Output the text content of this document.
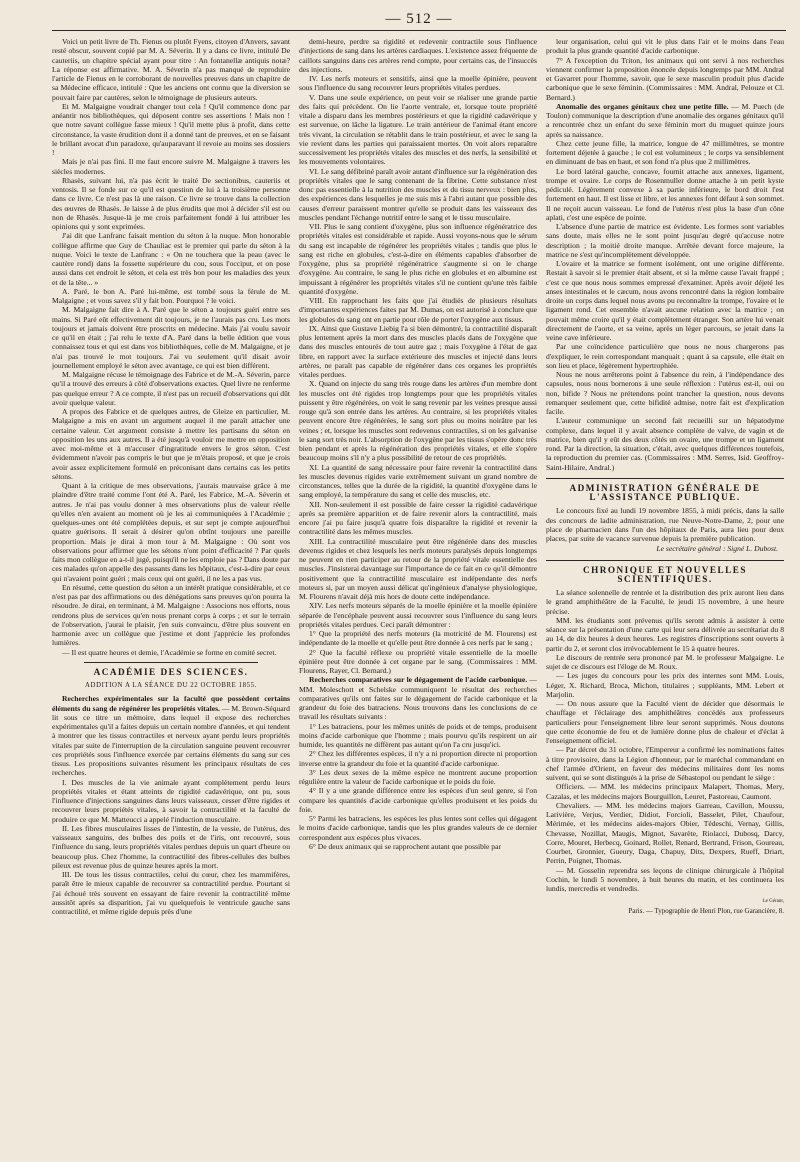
— 512 —

Voici un petit livre de Th. Fienus ou plutôt Fyens, citoyen d'Anvers, savant resté obscur, souvent copié par M. A. Séverin. Il y a dans ce livre, intitulé De cauteriis, un chapitre spécial ayant pour titre : An fontanellæ antiquis notæ? La réponse est affirmative. M. A. Séverin n'a pas manqué de reproduire l'article de Fienus en le corroborant de nouvelles preuves dans un chapitre de sa Médecine efficace, intitulé : Que les anciens ont connu que la diversion se pouvait faire par cautères, selon le témoignage de plusieurs auteurs.

Et M. Malgaigne voudrait changer tout cela ! Qu'il commence donc par anéantir nos bibliothèques, qui déposent contre ses assertions ! Mais non ! que notre savant collègue fasse mieux ! Qu'il mette plus à profit, dans cette circonstance, la vaste érudition dont il a donné tant de preuves, et en se faisant le brillant avocat d'un paradoxe, qu'auparavant il revoie au moins ses dossiers !

Mais je n'ai pas fini. Il me faut encore suivre M. Malgaigne à travers les siècles modernes.

Rhasès, suivant lui, n'a pas écrit le traité De sectionibus, cauteriis et ventosis. Il se fonde sur ce qu'il est question de lui à la troisième personne dans ce livre. Ce n'est pas là une raison. Ce livre se trouve dans la collection des œuvres de Rhasès. Je laisse à de plus érudits que moi à décider s'il est ou non de Rhasès. Jusque-là je me crois parfaitement fondé à lui attribuer les opinions qui y sont exprimées.

J'ai dit que Lanfranc faisait mention du séton à la nuque. Mon honorable collègue affirme que Guy de Chauliac est le premier qui parle du séton à la nuque. Voici le texte de Lanfranc : « On ne touchera que la peau (avec le cautère rond) dans la fossette supérieure du cou, sous l'occiput, et on pose aussi dans cet endroit le séton, et cela est très bon pour les maladies des yeux et de la tête... »

A. Paré, le bon A. Paré lui-même, est tombé sous la férule de M. Malgaigne ; et vous savez s'il y fait bon. Pourquoi ? le voici.

M. Malgaigne fait dire à A. Paré que le séton a toujours guéri entre ses mains. Si Paré eût effectivement dit toujours, je ne l'aurais pas cru. Les mots toujours et jamais doivent être proscrits en médecine. Mais j'ai voulu savoir ce qu'il en était ; j'ai relu le texte d'A. Paré dans la belle édition que vous connaissez tous et qui est dans vos bibliothèques, celle de M. Malgaigne, et je n'ai pas trouvé le mot toujours. J'ai vu seulement qu'il disait avoir journellement employé le séton avec avantage, ce qui est bien différent.

M. Malgaigne récuse le témoignage des Fabrice et de M.-A. Séverin, parce qu'il a trouvé des erreurs à côté d'observations exactes. Quel livre ne renferme pas quelque erreur ? A ce compte, il n'est pas un recueil d'observations qui dût avoir quelque valeur.

A propos des Fabrice et de quelques autres, de Gleize en particulier, M. Malgaigne a mis en avant un argument auquel il me paraît attacher une certaine valeur. Cet argument consiste à mettre les partisans du séton en opposition les uns aux autres. Il a été jusqu'à vouloir me mettre en opposition avec moi-même et à m'accuser d'ingratitude envers le gros séton. C'est évidemment n'avoir pas compris le but que je m'étais proposé, et que je crois avoir assez explicitement formulé en préconisant dans certains cas les petits sétons.

Quant à la critique de mes observations, j'aurais mauvaise grâce à me plaindre d'être traité comme l'ont été A. Paré, les Fabrice, M.-A. Séverin et autres. Je n'ai pas voulu donner à mes observations plus de valeur réelle qu'elles n'en avaient au moment où je les ai communiquées à l'Académie ; quelques-unes ont été complétées depuis, et sur sept je compte aujourd'hui quatre guérisons. Il serait à désirer qu'on obtînt toujours une pareille proportion. Mais je dirai à mon tour à M. Malgaigne : Où sont vos observations pour affirmer que les sétons n'ont point d'efficacité ? Par quels faits mon collègue en a-t-il jugé, puisqu'il ne les emploie pas ? Dans doute par ces malades qu'on appelle des passants dans les hôpitaux, c'est-à-dire par ceux qui n'avaient point guéri ; mais ceux qui ont guéri, il ne les a pas vus.

En résumé, cette question du séton a un intérêt pratique considérable, et ce n'est pas par des affirmations ou des dénégations sans preuves qu'on pourra la résoudre. Je dirai, en terminant, à M. Malgaigne : Associons nos efforts, nous rendrons plus de services qu'en nous prenant corps à corps ; et sur le terrain de l'observation, j'aurai le plaisir, j'en suis convaincu, d'être plus souvent en harmonie avec un collègue que j'estime et dont j'apprécie les profondes lumières.

— Il est quatre heures et demie, l'Académie se forme en comité secret.

ACADÉMIE DES SCIENCES.
ADDITION A LA SÉANCE DU 22 OCTOBRE 1855.

Recherches expérimentales sur la faculté que possèdent certains éléments du sang de régénérer les propriétés vitales. — M. Brown-Séquard lit sous ce titre un mémoire, dans lequel il expose des recherches expérimentales qu'il a faites depuis un certain nombre d'années, et qui tendent à montrer que les tissus contractiles et nerveux ayant perdu leurs propriétés vitales par suite de l'interruption de la circulation sanguine peuvent recouvrer ces propriétés sous l'influence exercée par certains éléments du sang sur ces tissus. Les propositions suivantes résument les principaux résultats de ces recherches.

I. Des muscles de la vie animale ayant complètement perdu leurs propriétés vitales et étant atteints de rigidité cadavérique, ont pu, sous l'influence d'injections sanguines dans leurs vaisseaux, cesser d'être rigides et recouvrer leurs propriétés vitales, à savoir la contractilité et la faculté de produire ce que M. Matteucci a appelé l'induction musculaire.

II. Les fibres musculaires lisses de l'intestin, de la vessie, de l'utérus, des vaisseaux sanguins, des bulbes des poils et de l'iris, ont recouvré, sous l'influence du sang, leurs propriétés vitales perdues depuis un quart d'heure ou beaucoup plus. Chez l'homme, la contractilité des fibres-cellules des bulbes pileux est revenue plus de quinze heures après la mort.

III. De tous les tissus contractiles, celui du cœur, chez les mammifères, paraît être le mieux capable de recouvrer sa contractilité perdue. Pourtant si j'ai échoué très souvent en essayant de faire revenir la contractilité même aussitôt après sa disparition, j'ai vu quelquefois le ventricule gauche sans contractilité, et même rigide depuis près d'une

demi-heure, perdre sa rigidité et redevenir contractile sous l'influence d'injections de sang dans les artères cardiaques. L'existence assez fréquente de caillots sanguins dans ces artères rend compte, pour certains cas, de l'insuccès des injections.

IV. Les nerfs moteurs et sensitifs, ainsi que la moelle épinière, peuvent sous l'influence du sang recouvrer leurs propriétés vitales perdues.

V. Dans une seule expérience, on peut voir se réaliser une grande partie des faits qui précèdent. On lie l'aorte ventrale, et, lorsque toute propriété vitale a disparu dans les membres postérieurs et que la rigidité cadavérique y est survenue, on lâche la ligature. Le train antérieur de l'animal étant encore très vivant, la circulation se rétablit dans le train postérieur, et avec le sang la vie revient dans les parties qui paraissaient mortes. On voit alors reparaître successivement les propriétés vitales des muscles et des nerfs, la sensibilité et les mouvements volontaires.

VI. Le sang défibriné paraît avoir autant d'influence sur la régénération des propriétés vitales que le sang contenant de la fibrine. Cette substance n'est donc pas essentielle à la nutrition des muscles et du tissu nerveux : bien plus, des expériences dans lesquelles je me suis mis à l'abri autant que possible des causes d'erreur paraissent montrer qu'elle se produit dans les vaisseaux des muscles pendant l'échange nutritif entre le sang et le tissu musculaire.

VII. Plus le sang contient d'oxygène, plus son influence régénératrice des propriétés vitales est considérable et rapide. Aussi voyons-nous que le sérum du sang est incapable de régénérer les propriétés vitales ; tandis que plus le sang est riche en globules, c'est-à-dire en éléments capables d'absorber de l'oxygène, plus sa propriété régénératrice s'augmente si on le charge d'oxygène. Au contraire, le sang le plus riche en globules et en albumine est impuissant à régénérer les propriétés vitales s'il ne contient qu'une très faible quantité d'oxygène.

VIII. En rapprochant les faits que j'ai étudiés de plusieurs résultats d'importantes expériences faites par M. Dumas, on est autorisé à conclure que les globules du sang ont en partie pour rôle de porter l'oxygène aux tissus.

IX. Ainsi que Gustave Liebig l'a si bien démontré, la contractilité disparaît plus lentement après la mort dans des muscles placés dans de l'oxygène que dans des muscles entourés de tout autre gaz ; mais l'oxygène à l'état de gaz libre, en rapport avec la surface extérieure des muscles et injecté dans leurs artères, ne paraît pas capable de régénérer dans ces organes les propriétés vitales perdues.

X. Quand on injecte du sang très rouge dans les artères d'un membre dont les muscles ont été rigides trop longtemps pour que les propriétés vitales puissent y être régénérées, on voit le sang revenir par les veines presque aussi rouge qu'à son entrée dans les artères. Au contraire, si les propriétés vitales peuvent encore être régénérées, le sang sort plus ou moins noirâtre par les veines ; et, lorsque les muscles sont redevenus contractiles, si on les galvanise le sang sort très noir. L'absorption de l'oxygène par les tissus s'opère donc très bien pendant et après la régénération des propriétés vitales, et elle s'opère beaucoup moins s'il n'y a plus possibilité de retour de ces propriétés.

XI. La quantité de sang nécessaire pour faire revenir la contractilité dans les muscles devenus rigides varie extrêmement suivant un grand nombre de circonstances, telles que la durée de la rigidité, la quantité d'oxygène dans le sang employé, la température du sang et celle des muscles, etc.

XII. Non-seulement il est possible de faire cesser la rigidité cadavérique après sa première apparition et de faire revenir alors la contractilité, mais encore j'ai pu faire jusqu'à quatre fois disparaître la rigidité et revenir la contractilité dans les mêmes muscles.

XIII. La contractilité musculaire peut être régénérée dans des muscles devenus rigides et chez lesquels les nerfs moteurs paralysés depuis longtemps ne peuvent en rien participer au retour de la propriété vitale essentielle des muscles. J'insisterai davantage sur l'importance de ce fait en ce qu'il démontre positivement que la contractilité musculaire est indépendante des nerfs moteurs si, par un moyen aussi délicat qu'ingénieux d'analyse physiologique, M. Flourens n'avait déjà mis hors de doute cette indépendance.

XIV. Les nerfs moteurs séparés de la moelle épinière et la moelle épinière séparée de l'encéphale peuvent aussi recouvrer sous l'influence du sang leurs propriétés vitales perdues. Ceci paraît démontrer :

1° Que la propriété des nerfs moteurs (la motricité de M. Flourens) est indépendante de la moelle et qu'elle peut être donnée à ces nerfs par le sang ;

2° Que la faculté réflexe ou propriété vitale essentielle de la moelle épinière peut être donnée à cet organe par le sang. (Commissaires : MM. Flourens, Rayer, Cl. Bernard.)

Recherches comparatives sur le dégagement de l'acide carbonique. — MM. Moleschott et Schelske communiquent le résultat des recherches comparatives qu'ils ont faites sur le dégagement de l'acide carbonique et la grandeur du foie des batraciens. Nous trouvons dans les conclusions de ce travail les résultats suivants :

1° Les batraciens, pour les mêmes unités de poids et de temps, produisent moins d'acide carbonique que l'homme ; mais pourvu qu'ils respirent un air humide, les quantités ne diffèrent pas autant qu'on l'a cru jusqu'ici.

2° Chez les différentes espèces, il n'y a ni proportion directe ni proportion inverse entre la grandeur du foie et la quantité d'acide carbonique.

3° Les deux sexes de la même espèce ne montrent aucune proportion régulière entre la valeur de l'acide carbonique et le poids du foie.

4° Il y a une grande différence entre les espèces d'un seul genre, si l'on compare les quantités d'acide carbonique qu'elles produisent et les poids du foie.

5° Parmi les batraciens, les espèces les plus lentes sont celles qui dégagent le moins d'acide carbonique, tandis que les plus grandes valeurs de ce dernier correspondent aux espèces plus vivaces.

6° De deux animaux qui se rapprochent autant que possible par

leur organisation, celui qui vit le plus dans l'air et le moins dans l'eau produit la plus grande quantité d'acide carbonique.

7° A l'exception du Triton, les animaux qui ont servi à nos recherches viennent confirmer la proposition énoncée depuis longtemps par MM. Andral et Gavarret pour l'homme, savoir, que le sexe masculin produit plus d'acide carbonique que le sexe féminin. (Commissaires : MM. Andral, Pelouze et Cl. Bernard.)

Anomalie des organes génitaux chez une petite fille. — M. Puech (de Toulon) communique la description d'une anomalie des organes génitaux qu'il a rencontrée chez un enfant du sexe féminin mort du muguet quinze jours après sa naissance.

Chez cette jeune fille, la matrice, longue de 47 millimètres, se montre fortement déjetée à gauche ; le col est volumineux ; le corps va sensiblement en diminuant de bas en haut, et son fond n'a plus que 2 millimètres.

Le bord latéral gauche, concave, fournit attache aux annexes, ligament, trompe et ovaire. Le corps de Rosenmuller donne attache à un petit kyste pédiculé. Légèrement convexe à sa partie inférieure, le bord droit l'est fortement en haut. Il est lisse et libre, et les annexes font défaut à son sommet. Il ne reçoit aucun vaisseau. Le fond de l'utérus n'est plus la base d'un cône aplati, c'est une espèce de pointe.

L'absence d'une partie de matrice est évidente. Les formes sont variables sans doute, mais elles ne le sont point jusqu'au degré qu'accuse notre description ; la moitié droite manque. Arrêtée devant force majeure, la matrice ne s'est qu'incomplètement développée.

L'ovaire et la matrice se forment isolément, ont une origine différente. Restait à savoir si le premier était absent, et si la même cause l'avait frappé ; c'est ce que nous nous sommes empressé d'examiner. Après avoir déjeté les anses intestinales et le cæcum, nous avons rencontré dans la région lombaire droite un corps dans lequel nous avons pu reconnaître la trompe, l'ovaire et le ligament rond. Cet ensemble n'avait aucune relation avec la matrice ; on pouvait même croire qu'il y était complètement étranger. Son artère lui venait directement de l'aorte, et sa veine, après un léger parcours, se jetait dans la veine cave inférieure.

Par une coïncidence particulière que nous ne nous chargerons pas d'expliquer, le rein correspondant manquait ; quant à sa capsule, elle était en son lieu et place, légèrement hypertrophiée.

Nous ne nous arrêterons point à l'absence du rein, à l'indépendance des capsules, nous nous bornerons à une seule réflexion : l'utérus est-il, oui ou non, bifide ? Nous ne prétendons point trancher la question, nous devons remarquer seulement que, cette bifidité admise, notre fait est d'explication facile.

L'auteur communique un second fait recueilli sur un hépatodyme complexe, dans lequel il y avait absence complète de valve, de vagin et de matrice, bien qu'il y eût des deux côtés un ovaire, une trompe et un ligament rond. Par la direction, la situation, c'était, avec quelques différences toutefois, la reproduction du premier cas. (Commissaires : MM. Serres, Isid. Geoffroy-Saint-Hilaire, Andral.)

ADMINISTRATION GÉNÉRALE DE L'ASSISTANCE PUBLIQUE.

Le concours fixé au lundi 19 novembre 1855, à midi précis, dans la salle des concours de ladite administration, rue Neuve-Notre-Dame, 2, pour une place de pharmacien dans l'un des hôpitaux de Paris, aura lieu pour deux places, par suite de vacance survenue depuis la première publication.

Le secrétaire général : Signé L. Dubost.
CHRONIQUE ET NOUVELLES SCIENTIFIQUES.

La séance solennelle de rentrée et la distribution des prix auront lieu dans le grand amphithéâtre de la Faculté, le jeudi 15 novembre, à une heure précise.

MM. les étudiants sont prévenus qu'ils seront admis à assister à cette séance sur la présentation d'une carte qui leur sera délivrée au secrétariat du 8 au 14, de dix heures à deux heures. Les registres d'inscriptions sont ouverts à partir du 2, et seront clos irrévocablement le 15 à quatre heures.

Le discours de rentrée sera prononcé par M. le professeur Malgaigne. Le sujet de ce discours est l'éloge de M. Roux.

— Les juges du concours pour les prix des internes sont MM. Louis, Léger, X. Richard, Broca, Michon, titulaires ; suppléants, MM. Lebert et Marjolin.

— On nous assure que la Faculté vient de décider que désormais le chauffage et l'éclairage des amphithéâtres concédés aux professeurs particuliers pour l'enseignement libre leur seront supprimés. Nous doutons que cette économie de feu et de lumière donne plus de chaleur et d'éclat à l'enseignement officiel.

— Par décret du 31 octobre, l'Empereur a confirmé les nominations faites à titre provisoire, dans la Légion d'honneur, par le maréchal commandant en chef l'armée d'Orient, en faveur des médecins militaires dont les noms suivent, qui se sont distingués à la prise de Sébastopol ou pendant le siège :

Officiers. — MM. les médecins principaux Malapert, Thomas, Mery, Cazalas, et les médecins majors Bourguillon, Leuret, Pastoreau, Caumont.

Chevaliers. — MM. les médecins majors Garreau, Cavillon, Moussu, Larivière, Verjus, Verdier, Didiot, Forcioli, Basselet, Pilet, Chaufour, Mérimée, et les médecins aides-majors Obier, Tédeschi, Vernay, Gillis, Chevasse, Nozillat, Maugis, Mignot, Savarète, Riolacci, Dubosq, Darcy, Corre, Mouret, Herbecq, Goinard, Rollet, Renard, Bertrand, Frison, Goureau, Courbet, Gronnier, Gueury, Daga, Chapuy, Dits, Dexpers, Rueff, Driart, Perrin, Poignet, Thomas.

— M. Gosselin reprendra ses leçons de clinique chirurgicale à l'hôpital Cochin, le lundi 5 novembre, à huit heures du matin, et les continuera les lundis, mercredis et vendredis.

Le Gérant,
Paris. — Typographie de Henri Plon, rue Garancière, 8.
